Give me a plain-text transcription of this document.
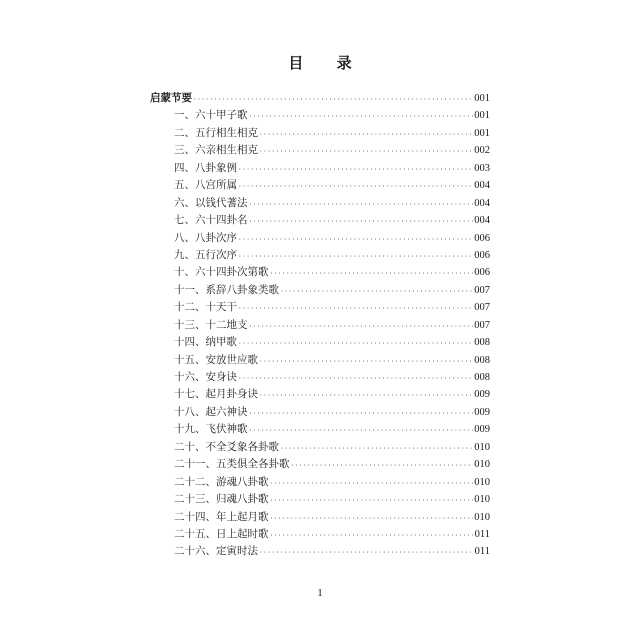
目 录
启蒙节要 ·····	001
一、六十甲子歌 ·····	001
二、五行相生相克 ·····	001
三、六亲相生相克 ·····	002
四、八卦象例 ·····	003
五、八宫所属 ·····	004
六、以钱代蓍法 ·····	004
七、六十四卦名 ·····	004
八、八卦次序 ·····	006
九、五行次序 ·····	006
十、六十四卦次第歌 ·····	006
十一、系辞八卦象类歌 ·····	007
十二、十天干 ·····	007
十三、十二地支 ·····	007
十四、纳甲歌 ·····	008
十五、安放世应歌 ·····	008
十六、安身诀 ·····	008
十七、起月卦身诀 ·····	009
十八、起六神诀 ·····	009
十九、飞伏神歌 ·····	009
二十、不全爻象各卦歌 ·····	010
二十一、五类俱全各卦歌 ·····	010
二十二、游魂八卦歌 ·····	010
二十三、归魂八卦歌 ·····	010
二十四、年上起月歌 ·····	010
二十五、日上起时歌 ·····	011
二十六、定寅时法 ·····	011
1
